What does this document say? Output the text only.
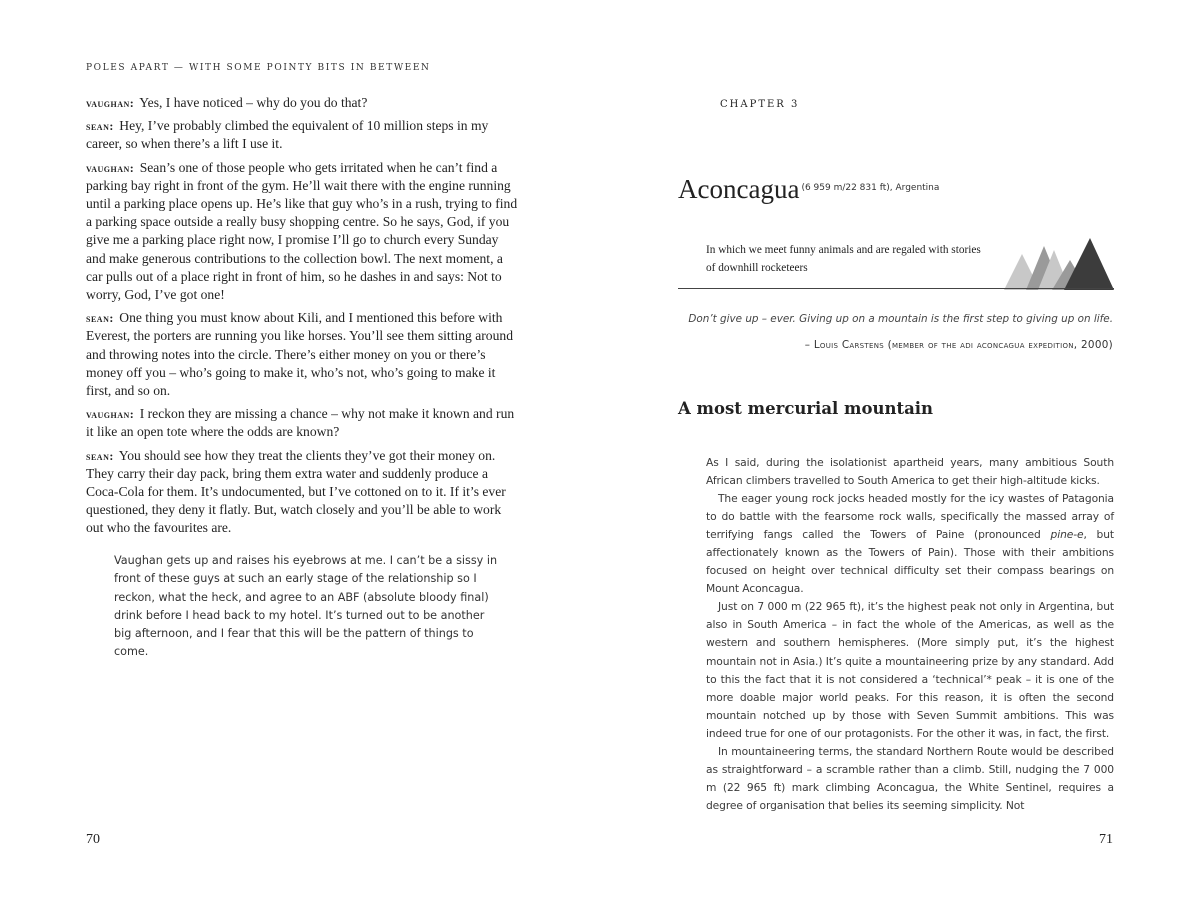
POLES APART — WITH SOME POINTY BITS IN BETWEEN

vaughan: Yes, I have noticed – why do you do that?

sean: Hey, I’ve probably climbed the equivalent of 10 million steps in my career, so when there’s a lift I use it.

vaughan: Sean’s one of those people who gets irritated when he can’t find a parking bay right in front of the gym. He’ll wait there with the engine running until a parking place opens up. He’s like that guy who’s in a rush, trying to find a parking space outside a really busy shopping centre. So he says, God, if you give me a parking place right now, I promise I’ll go to church every Sunday and make generous contributions to the collection bowl. The next moment, a car pulls out of a place right in front of him, so he dashes in and says: Not to worry, God, I’ve got one!

sean: One thing you must know about Kili, and I mentioned this before with Everest, the porters are running you like horses. You’ll see them sitting around and throwing notes into the circle. There’s either money on you or there’s money off you – who’s going to make it, who’s not, who’s going to make it first, and so on.

vaughan: I reckon they are missing a chance – why not make it known and run it like an open tote where the odds are known?

sean: You should see how they treat the clients they’ve got their money on. They carry their day pack, bring them extra water and suddenly produce a Coca-Cola for them. It’s undocumented, but I’ve cottoned on to it. If it’s ever questioned, they deny it flatly. But, watch closely and you’ll be able to work out who the favourites are.

Vaughan gets up and raises his eyebrows at me. I can’t be a sissy in front of these guys at such an early stage of the relationship so I reckon, what the heck, and agree to an ABF (absolute bloody final) drink before I head back to my hotel. It’s turned out to be another big afternoon, and I fear that this will be the pattern of things to come.
70
CHAPTER 3
Aconcagua $^{(6 959 m/22 831 ft), Argentina}$
In which we meet funny animals and are regaled with stories of downhill rocketeers
Don’t give up – ever. Giving up on a mountain is the first step to giving up on life.
– Louis Carstens (member of the adi aconcagua expedition, 2000)
A most mercurial mountain

As I said, during the isolationist apartheid years, many ambitious South African climbers travelled to South America to get their high-altitude kicks.

The eager young rock jocks headed mostly for the icy wastes of Patagonia to do battle with the fearsome rock walls, specifically the massed array of terrifying fangs called the Towers of Paine (pronounced pine-e, but affectionately known as the Towers of Pain). Those with their ambitions focused on height over technical difficulty set their compass bearings on Mount Aconcagua.

Just on 7 000 m (22 965 ft), it’s the highest peak not only in Argentina, but also in South America – in fact the whole of the Americas, as well as the western and southern hemispheres. (More simply put, it’s the highest mountain not in Asia.) It’s quite a mountaineering prize by any standard. Add to this the fact that it is not considered a ‘technical’* peak – it is one of the more doable major world peaks. For this reason, it is often the second mountain notched up by those with Seven Summit ambitions. This was indeed true for one of our protagonists. For the other it was, in fact, the first.

In mountaineering terms, the standard Northern Route would be described as straightforward – a scramble rather than a climb. Still, nudging the 7 000 m (22 965 ft) mark climbing Aconcagua, the White Sentinel, requires a degree of organisation that belies its seeming simplicity. Not

71
